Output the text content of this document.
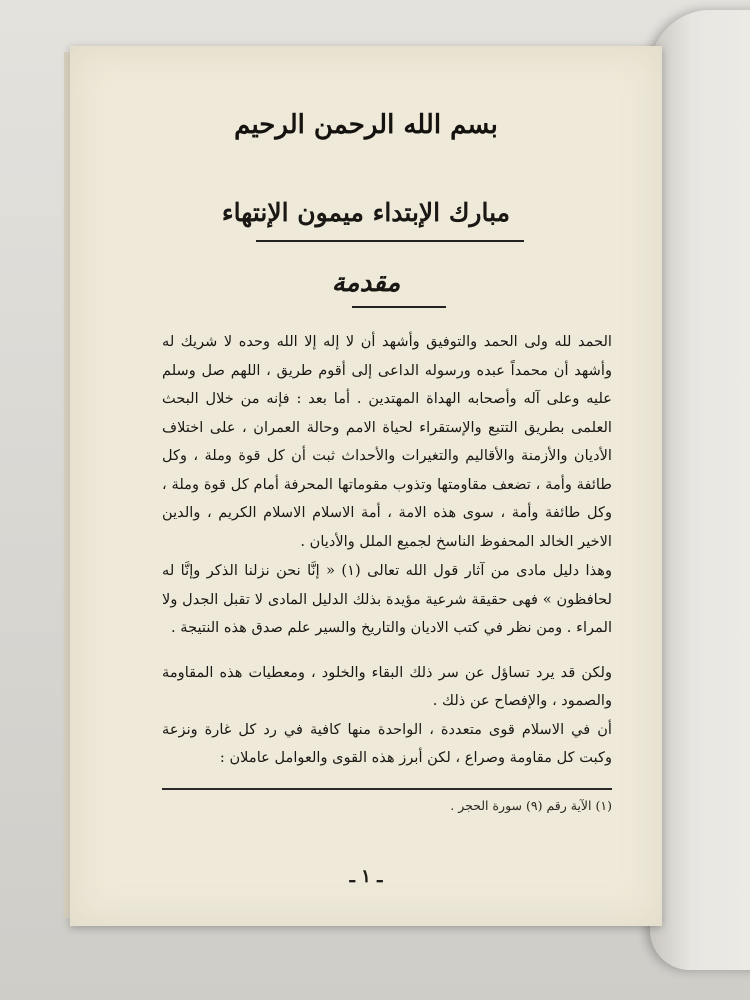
بسم الله الرحمن الرحيم
مبارك الإبتداء ميمون الإنتهاء
مقدمة

الحمد لله ولى الحمد والتوفيق وأشهد أن لا إله إلا الله وحده لا شريك له وأشهد أن محمداً عبده ورسوله الداعى إلى أقوم طريق ، اللهم صل وسلم عليه وعلى آله وأصحابه الهداة المهتدين . أما بعد : فإنه من خلال البحث العلمى بطريق التتبع والإستقراء لحياة الامم وحالة العمران ، على اختلاف الأديان والأزمنة والأقاليم والتغيرات والأحداث ثبت أن كل قوة وملة ، وكل طائفة وأمة ، تضعف مقاومتها وتذوب مقوماتها المحرفة أمام كل قوة وملة ، وكل طائفة وأمة ، سوى هذه الامة ، أمة الاسلام الاسلام الكريم ، والدين الاخير الخالد المحفوظ الناسخ لجميع الملل والأديان .

وهذا دليل مادى من آثار قول الله تعالى (١) « إنَّا نحن نزلنا الذكر وإنَّا له لحافظون » فهى حقيقة شرعية مؤيدة بذلك الدليل المادى لا تقبل الجدل ولا المراء . ومن نظر في كتب الاديان والتاريخ والسير علم صدق هذه النتيجة .

ولكن قد يرد تساؤل عن سر ذلك البقاء والخلود ، ومعطيات هذه المقاومة والصمود ، والإفصاح عن ذلك .

أن في الاسلام قوى متعددة ، الواحدة منها كافية في رد كل غارة ونزعة وكبت كل مقاومة وصراع ، لكن أبرز هذه القوى والعوامل عاملان :

(١) الآية رقم (٩) سورة الحجر .
ـ ١ ـ
